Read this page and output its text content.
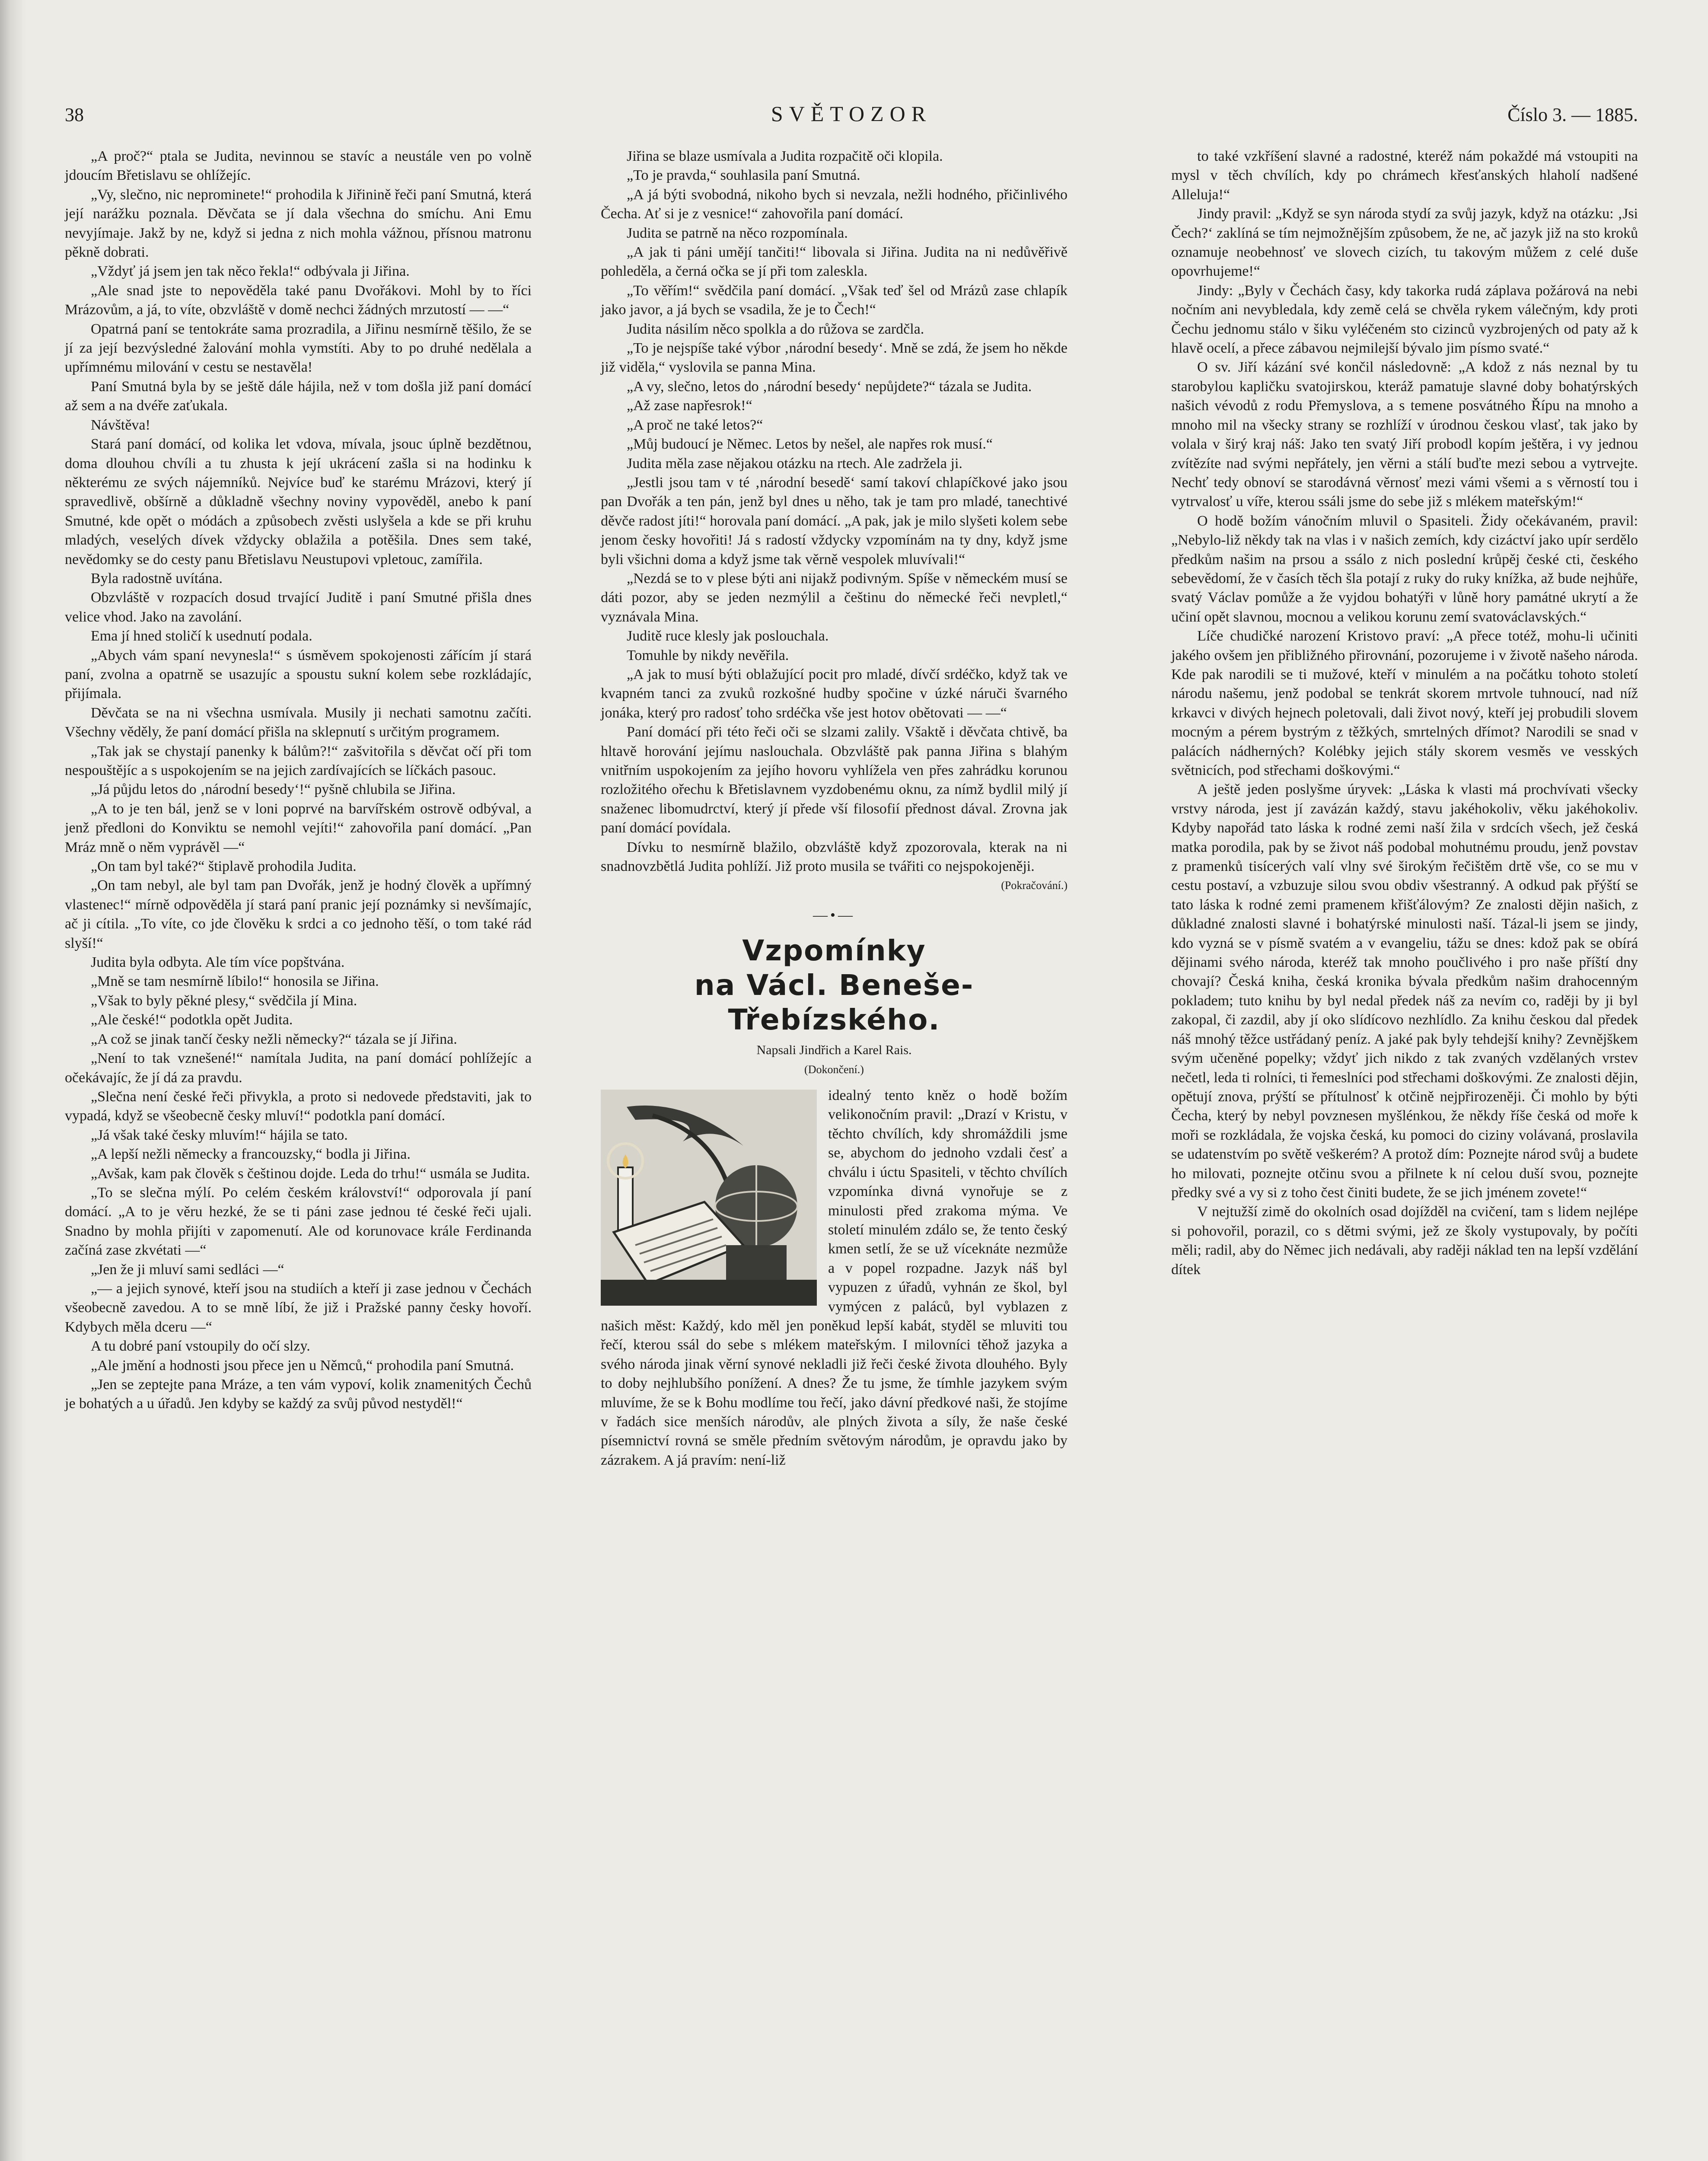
38	SVĚTOZOR	Číslo 3. — 1885.

„A proč?“ ptala se Judita, nevinnou se stavíc a neustále ven po volně jdoucím Břetislavu se ohlížejíc.

„Vy, slečno, nic neprominete!“ prohodila k Jiřinině řeči paní Smutná, která její narážku poznala. Děvčata se jí dala všechna do smíchu. Ani Emu nevyjímaje. Jakž by ne, když si jedna z nich mohla vážnou, přísnou matronu pěkně dobrati.

„Vždyť já jsem jen tak něco řekla!“ odbývala ji Jiřina.

„Ale snad jste to nepověděla také panu Dvořákovi. Mohl by to říci Mrázovům, a já, to víte, obzvláště v domě nechci žádných mrzutostí — —“

Opatrná paní se tentokráte sama prozradila, a Jiřinu nesmírně těšilo, že se jí za její bezvýsledné žalování mohla vymstíti. Aby to po druhé nedělala a upřímnému milování v cestu se nestavěla!

Paní Smutná byla by se ještě dále hájila, než v tom došla již paní domácí až sem a na dvéře zaťukala.

Návštěva!

Stará paní domácí, od kolika let vdova, mívala, jsouc úplně bezdětnou, doma dlouhou chvíli a tu zhusta k její ukrácení zašla si na hodinku k některému ze svých nájemníků. Nejvíce buď ke starému Mrázovi, který jí spravedlivě, obšírně a důkladně všechny noviny vypověděl, anebo k paní Smutné, kde opět o módách a způsobech zvěsti uslyšela a kde se při kruhu mladých, veselých dívek vždycky oblažila a potěšila. Dnes sem také, nevědomky se do cesty panu Břetislavu Neustupovi vpletouc, zamířila.

Byla radostně uvítána.

Obzvláště v rozpacích dosud trvající Juditě i paní Smutné přišla dnes velice vhod. Jako na zavolání.

Ema jí hned stoličí k usednutí podala.

„Abych vám spaní nevynesla!“ s úsměvem spokojenosti zářícím jí stará paní, zvolna a opatrně se usazujíc a spoustu sukní kolem sebe rozkládajíc, přijímala.

Děvčata se na ni všechna usmívala. Musily ji nechati samotnu začíti. Všechny věděly, že paní domácí přišla na sklepnutí s určitým programem.

„Tak jak se chystají panenky k bálům?!“ zašvitořila s děvčat očí při tom nespouštějíc a s uspokojením se na jejich zardívajících se líčkách pasouc.

„Já půjdu letos do ‚národní besedy‘!“ pyšně chlubila se Jiřina.

„A to je ten bál, jenž se v loni poprvé na barvířském ostrově odbýval, a jenž předloni do Konviktu se nemohl vejíti!“ zahovořila paní domácí. „Pan Mráz mně o něm vyprávěl —“

„On tam byl také?“ štiplavě prohodila Judita.

„On tam nebyl, ale byl tam pan Dvořák, jenž je hodný člověk a upřímný vlastenec!“ mírně odpověděla jí stará paní pranic její poznámky si nevšímajíc, ač ji cítila. „To víte, co jde člověku k srdci a co jednoho těší, o tom také rád slyší!“

Judita byla odbyta. Ale tím více popštvána.

„Mně se tam nesmírně líbilo!“ honosila se Jiřina.

„Však to byly pěkné plesy,“ svědčila jí Mina.

„Ale české!“ podotkla opět Judita.

„A což se jinak tančí česky nežli německy?“ tázala se jí Jiřina.

„Není to tak vznešené!“ namítala Judita, na paní domácí pohlížejíc a očekávajíc, že jí dá za pravdu.

„Slečna není české řeči přivykla, a proto si nedovede představiti, jak to vypadá, když se všeobecně česky mluví!“ podotkla paní domácí.

„Já však také česky mluvím!“ hájila se tato.

„A lepší nežli německy a francouzsky,“ bodla ji Jiřina.

„Avšak, kam pak člověk s češtinou dojde. Leda do trhu!“ usmála se Judita.

„To se slečna mýlí. Po celém českém království!“ odporovala jí paní domácí. „A to je věru hezké, že se ti páni zase jednou té české řeči ujali. Snadno by mohla přijíti v zapomenutí. Ale od korunovace krále Ferdinanda začíná zase zkvétati —“

„Jen že ji mluví sami sedláci —“

„— a jejich synové, kteří jsou na studiích a kteří ji zase jednou v Čechách všeobecně zavedou. A to se mně líbí, že již i Pražské panny česky hovoří. Kdybych měla dceru —“

A tu dobré paní vstoupily do očí slzy.

„Ale jmění a hodnosti jsou přece jen u Němců,“ prohodila paní Smutná.

„Jen se zeptejte pana Mráze, a ten vám vypoví, kolik znamenitých Čechů je bohatých a u úřadů. Jen kdyby se každý za svůj původ nestyděl!“

Jiřina se blaze usmívala a Judita rozpačitě oči klopila.

„To je pravda,“ souhlasila paní Smutná.

„A já býti svobodná, nikoho bych si nevzala, nežli hodného, přičinlivého Čecha. Ať si je z vesnice!“ zahovořila paní domácí.

Judita se patrně na něco rozpomínala.

„A jak ti páni umějí tančiti!“ libovala si Jiřina. Judita na ni nedůvěřivě pohleděla, a černá očka se jí při tom zaleskla.

„To věřím!“ svědčila paní domácí. „Však teď šel od Mrázů zase chlapík jako javor, a já bych se vsadila, že je to Čech!“

Judita násilím něco spolkla a do růžova se zardčla.

„To je nejspíše také výbor ‚národní besedy‘. Mně se zdá, že jsem ho někde již viděla,“ vyslovila se panna Mina.

„A vy, slečno, letos do ‚národní besedy‘ nepůjdete?“ tázala se Judita.

„Až zase napřesrok!“

„A proč ne také letos?“

„Můj budoucí je Němec. Letos by nešel, ale napřes rok musí.“

Judita měla zase nějakou otázku na rtech. Ale zadržela ji.

„Jestli jsou tam v té ‚národní besedě‘ samí takoví chlapíčkové jako jsou pan Dvořák a ten pán, jenž byl dnes u něho, tak je tam pro mladé, tanechtivé děvče radost jíti!“ horovala paní domácí. „A pak, jak je milo slyšeti kolem sebe jenom česky hovořiti! Já s radostí vždycky vzpomínám na ty dny, když jsme byli všichni doma a když jsme tak věrně vespolek mluvívali!“

„Nezdá se to v plese býti ani nijakž podivným. Spíše v německém musí se dáti pozor, aby se jeden nezmýlil a češtinu do německé řeči nevpletl,“ vyznávala Mina.

Juditě ruce klesly jak poslouchala.

Tomuhle by nikdy nevěřila.

„A jak to musí býti oblažující pocit pro mladé, dívčí srdéčko, když tak ve kvapném tanci za zvuků rozkošné hudby spočine v úzké náruči švarného jonáka, který pro radosť toho srdéčka vše jest hotov obětovati — —“

Paní domácí při této řeči oči se slzami zalily. Všaktě i děvčata chtivě, ba hltavě horování jejímu naslouchala. Obzvláště pak panna Jiřina s blahým vnitřním uspokojením za jejího hovoru vyhlížela ven přes zahrádku korunou rozložitého ořechu k Břetislavnem vyzdobenému oknu, za nímž bydlil milý jí snaženec libomudrctví, který jí přede vší filosofií přednost dával. Zrovna jak paní domácí povídala.

Dívku to nesmírně blažilo, obzvláště když zpozorovala, kterak na ni snadnovzbětlá Judita pohlíží. Již proto musila se tvářiti co nejspokojeněji.

(Pokračování.)
—•—
Vzpomínky
na Václ. Beneše-Třebízského.
Napsali Jindřich a Karel Rais.
(Dokončení.)

idealný tento kněz o hodě božím velikonočním pravil: „Drazí v Kristu, v těchto chvílích, kdy shromáždili jsme se, abychom do jednoho vzdali česť a chválu i úctu Spasiteli, v těchto chvílích vzpomínka divná vynořuje se z minulosti před zrakoma mýma. Ve století minulém zdálo se, že tento český kmen setlí, že se už víceknáte nezmůže a v popel rozpadne. Jazyk náš byl vypuzen z úřadů, vyhnán ze škol, byl vymýcen z paláců, byl vyblazen z našich měst: Každý, kdo měl jen poněkud lepší kabát, styděl se mluviti tou řečí, kterou ssál do sebe s mlékem mateřským. I milovníci těhož jazyka a svého národa jinak věrní synové nekladli již řeči české života dlouhého. Byly to doby nejhlubšího ponížení. A dnes? Že tu jsme, že tímhle jazykem svým mluvíme, že se k Bohu modlíme tou řečí, jako dávní předkové naši, že stojíme v řadách sice menších národův, ale plných života a síly, že naše české písemnictví rovná se směle předním světovým národům, je opravdu jako by zázrakem. A já pravím: není-liž

to také vzkříšení slavné a radostné, kteréž nám pokaždé má vstoupiti na mysl v těch chvílích, kdy po chrámech křesťanských hlaholí nadšené Alleluja!“

Jindy pravil: „Když se syn národa stydí za svůj jazyk, když na otázku: ‚Jsi Čech?‘ zaklíná se tím nejmožnějším způsobem, že ne, ač jazyk již na sto kroků oznamuje neobehnosť ve slovech cizích, tu takovým můžem z celé duše opovrhujeme!“

Jindy: „Byly v Čechách časy, kdy takorka rudá záplava požárová na nebi nočním ani nevybledala, kdy země celá se chvěla rykem válečným, kdy proti Čechu jednomu stálo v šiku vyléčeném sto cizinců vyzbrojených od paty až k hlavě ocelí, a přece zábavou nejmilejší bývalo jim písmo svaté.“

O sv. Jiří kázání své končil následovně: „A kdož z nás neznal by tu starobylou kapličku svatojirskou, kteráž pamatuje slavné doby bohatýrských našich vévodů z rodu Přemyslova, a s temene posvátného Řípu na mnoho a mnoho mil na všecky strany se rozhlíží v úrodnou českou vlasť, tak jako by volala v širý kraj náš: Jako ten svatý Jiří probodl kopím ještěra, i vy jednou zvítězíte nad svými nepřátely, jen věrni a stálí buďte mezi sebou a vytrvejte. Nechť tedy obnoví se starodávná věrnosť mezi vámi všemi a s věrností tou i vytrvalosť u víře, kterou ssáli jsme do sebe již s mlékem mateřským!“

O hodě božím vánočním mluvil o Spasiteli. Židy očekávaném, pravil: „Nebylo-liž někdy tak na vlas i v našich zemích, kdy cizáctví jako upír serdělo předkům našim na prsou a ssálo z nich poslední krůpěj české cti, českého sebevědomí, že v časích těch šla potají z ruky do ruky knížka, až bude nejhůře, svatý Václav pomůže a že vyjdou bohatýři v lůně hory památné ukrytí a že učiní opět slavnou, mocnou a velikou korunu zemí svatováclavských.“

Líče chudičké narození Kristovo praví: „A přece totéž, mohu-li učiniti jakého ovšem jen přibližného přirovnání, pozorujeme i v životě našeho národa. Kde pak narodili se ti mužové, kteří v minulém a na počátku tohoto století národu našemu, jenž podobal se tenkrát skorem mrtvole tuhnoucí, nad níž krkavci v divých hejnech poletovali, dali život nový, kteří jej probudili slovem mocným a pérem bystrým z těžkých, smrtelných dřímot? Narodili se snad v palácích nádherných? Kolébky jejich stály skorem vesměs ve vesských světnicích, pod střechami doškovými.“

A ještě jeden poslyšme úryvek: „Láska k vlasti má prochvívati všecky vrstvy národa, jest jí zavázán každý, stavu jakéhokoliv, věku jakéhokoliv. Kdyby napořád tato láska k rodné zemi naší žila v srdcích všech, jež česká matka porodila, pak by se život náš podobal mohutnému proudu, jenž povstav z pramenků tisícerých valí vlny své širokým řečištěm drtě vše, co se mu v cestu postaví, a vzbuzuje silou svou obdiv všestranný. A odkud pak přýští se tato láska k rodné zemi pramenem křišťálovým? Ze znalosti dějin našich, z důkladné znalosti slavné i bohatýrské minulosti naší. Tázal-li jsem se jindy, kdo vyzná se v písmě svatém a v evangeliu, tážu se dnes: kdož pak se obírá dějinami svého národa, kteréž tak mnoho poučlivého i pro naše příští dny chovají? Česká kniha, česká kronika bývala předkům našim drahocenným pokladem; tuto knihu by byl nedal předek náš za nevím co, raději by ji byl zakopal, či zazdil, aby jí oko slídícovo nezhlídlo. Za knihu českou dal předek náš mnohý těžce ustřádaný peníz. A jaké pak byly tehdejší knihy? Zevnějškem svým učeněné popelky; vždyť jich nikdo z tak zvaných vzdělaných vrstev nečetl, leda ti rolníci, ti řemeslníci pod střechami doškovými. Ze znalosti dějin, opětují znova, prýští se přítulnosť k otčině nejpřirozeněji. Či mohlo by býti Čecha, který by nebyl povznesen myšlénkou, že někdy říše česká od moře k moři se rozkládala, že vojska česká, ku pomoci do ciziny volávaná, proslavila se udatenstvím po světě veškerém? A protož dím: Poznejte národ svůj a budete ho milovati, poznejte otčinu svou a přilnete k ní celou duší svou, poznejte předky své a vy si z toho čest činiti budete, že se jich jménem zovete!“

V nejtužší zimě do okolních osad dojížděl na cvičení, tam s lidem nejlépe si pohovořil, porazil, co s dětmi svými, jež ze školy vystupovaly, by počíti měli; radil, aby do Němec jich nedávali, aby raději náklad ten na lepší vzdělání dítek
